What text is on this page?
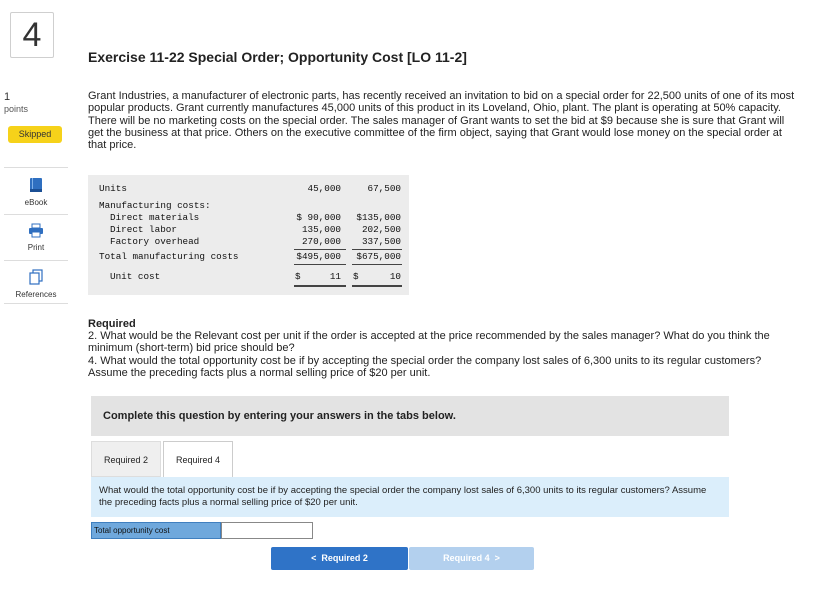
4
1
points
Skipped
eBook
Print
References
Exercise 11-22 Special Order; Opportunity Cost [LO 11-2]
Grant Industries, a manufacturer of electronic parts, has recently received an invitation to bid on a special order for 22,500 units of one of its most popular products. Grant currently manufactures 45,000 units of this product in its Loveland, Ohio, plant. The plant is operating at 50% capacity. There will be no marketing costs on the special order. The sales manager of Grant wants to set the bid at $9 because she is sure that Grant will get the business at that price. Others on the executive committee of the firm object, saying that Grant would lose money on the special order at that price.
Units	45,000	67,500
Manufacturing costs:
Direct materials	$ 90,000 $135,000
Direct labor	135,000 202,500
Factory overhead	270,000 337,500
Total manufacturing costs	$495,000 $675,000
Unit cost	$	11 $	10
Required
2. What would be the Relevant cost per unit if the order is accepted at the price recommended by the sales manager? What do you think the minimum (short-term) bid price should be?
4. What would the total opportunity cost be if by accepting the special order the company lost sales of 6,300 units to its regular customers? Assume the preceding facts plus a normal selling price of $20 per unit.
Complete this question by entering your answers in the tabs below.
Required 2	Required 4
What would the total opportunity cost be if by accepting the special order the company lost sales of 6,300 units to its regular customers? Assume the preceding facts plus a normal selling price of $20 per unit.
Total opportunity cost
<  Required 2	Required 4  >
